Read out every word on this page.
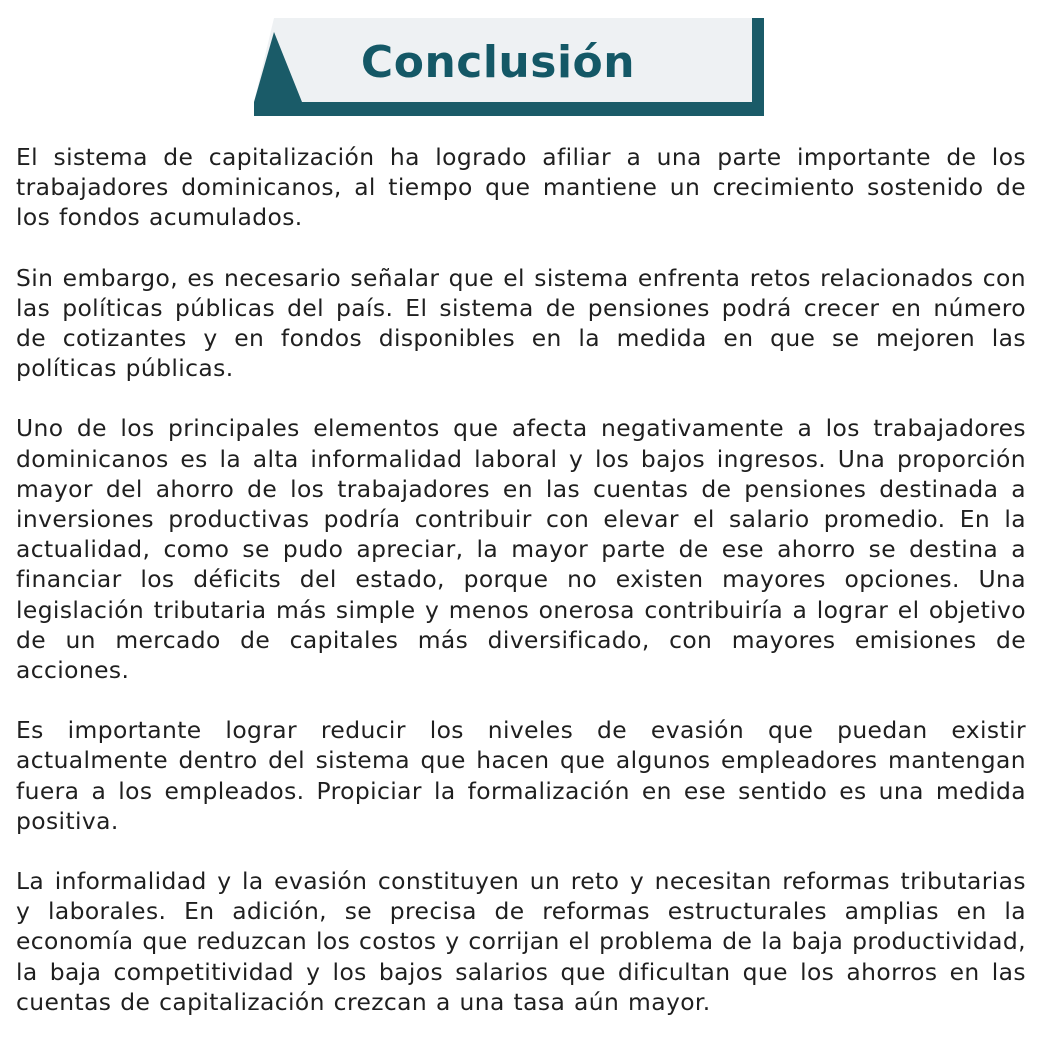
Conclusión

El sistema de capitalización ha logrado afiliar a una parte importante de los trabajadores dominicanos, al tiempo que mantiene un crecimiento sostenido de los fondos acumulados.

Sin embargo, es necesario señalar que el sistema enfrenta retos relacionados con las políticas públicas del país. El sistema de pensiones podrá crecer en número de cotizantes y en fondos disponibles en la medida en que se mejoren las políticas públicas.

Uno de los principales elementos que afecta negativamente a los trabajadores dominicanos es la alta informalidad laboral y los bajos ingresos. Una proporción mayor del ahorro de los trabajadores en las cuentas de pensiones destinada a inversiones productivas podría contribuir con elevar el salario promedio. En la actualidad, como se pudo apreciar, la mayor parte de ese ahorro se destina a financiar los déficits del estado, porque no existen mayores opciones. Una legislación tributaria más simple y menos onerosa contribuiría a lograr el objetivo de un mercado de capitales más diversificado, con mayores emisiones de acciones.

Es importante lograr reducir los niveles de evasión que puedan existir actualmente dentro del sistema que hacen que algunos empleadores mantengan fuera a los empleados. Propiciar la formalización en ese sentido es una medida positiva.

La informalidad y la evasión constituyen un reto y necesitan reformas tributarias y laborales. En adición, se precisa de reformas estructurales amplias en la economía que reduzcan los costos y corrijan el problema de la baja productividad, la baja competitividad y los bajos salarios que dificultan que los ahorros en las cuentas de capitalización crezcan a una tasa aún mayor.
